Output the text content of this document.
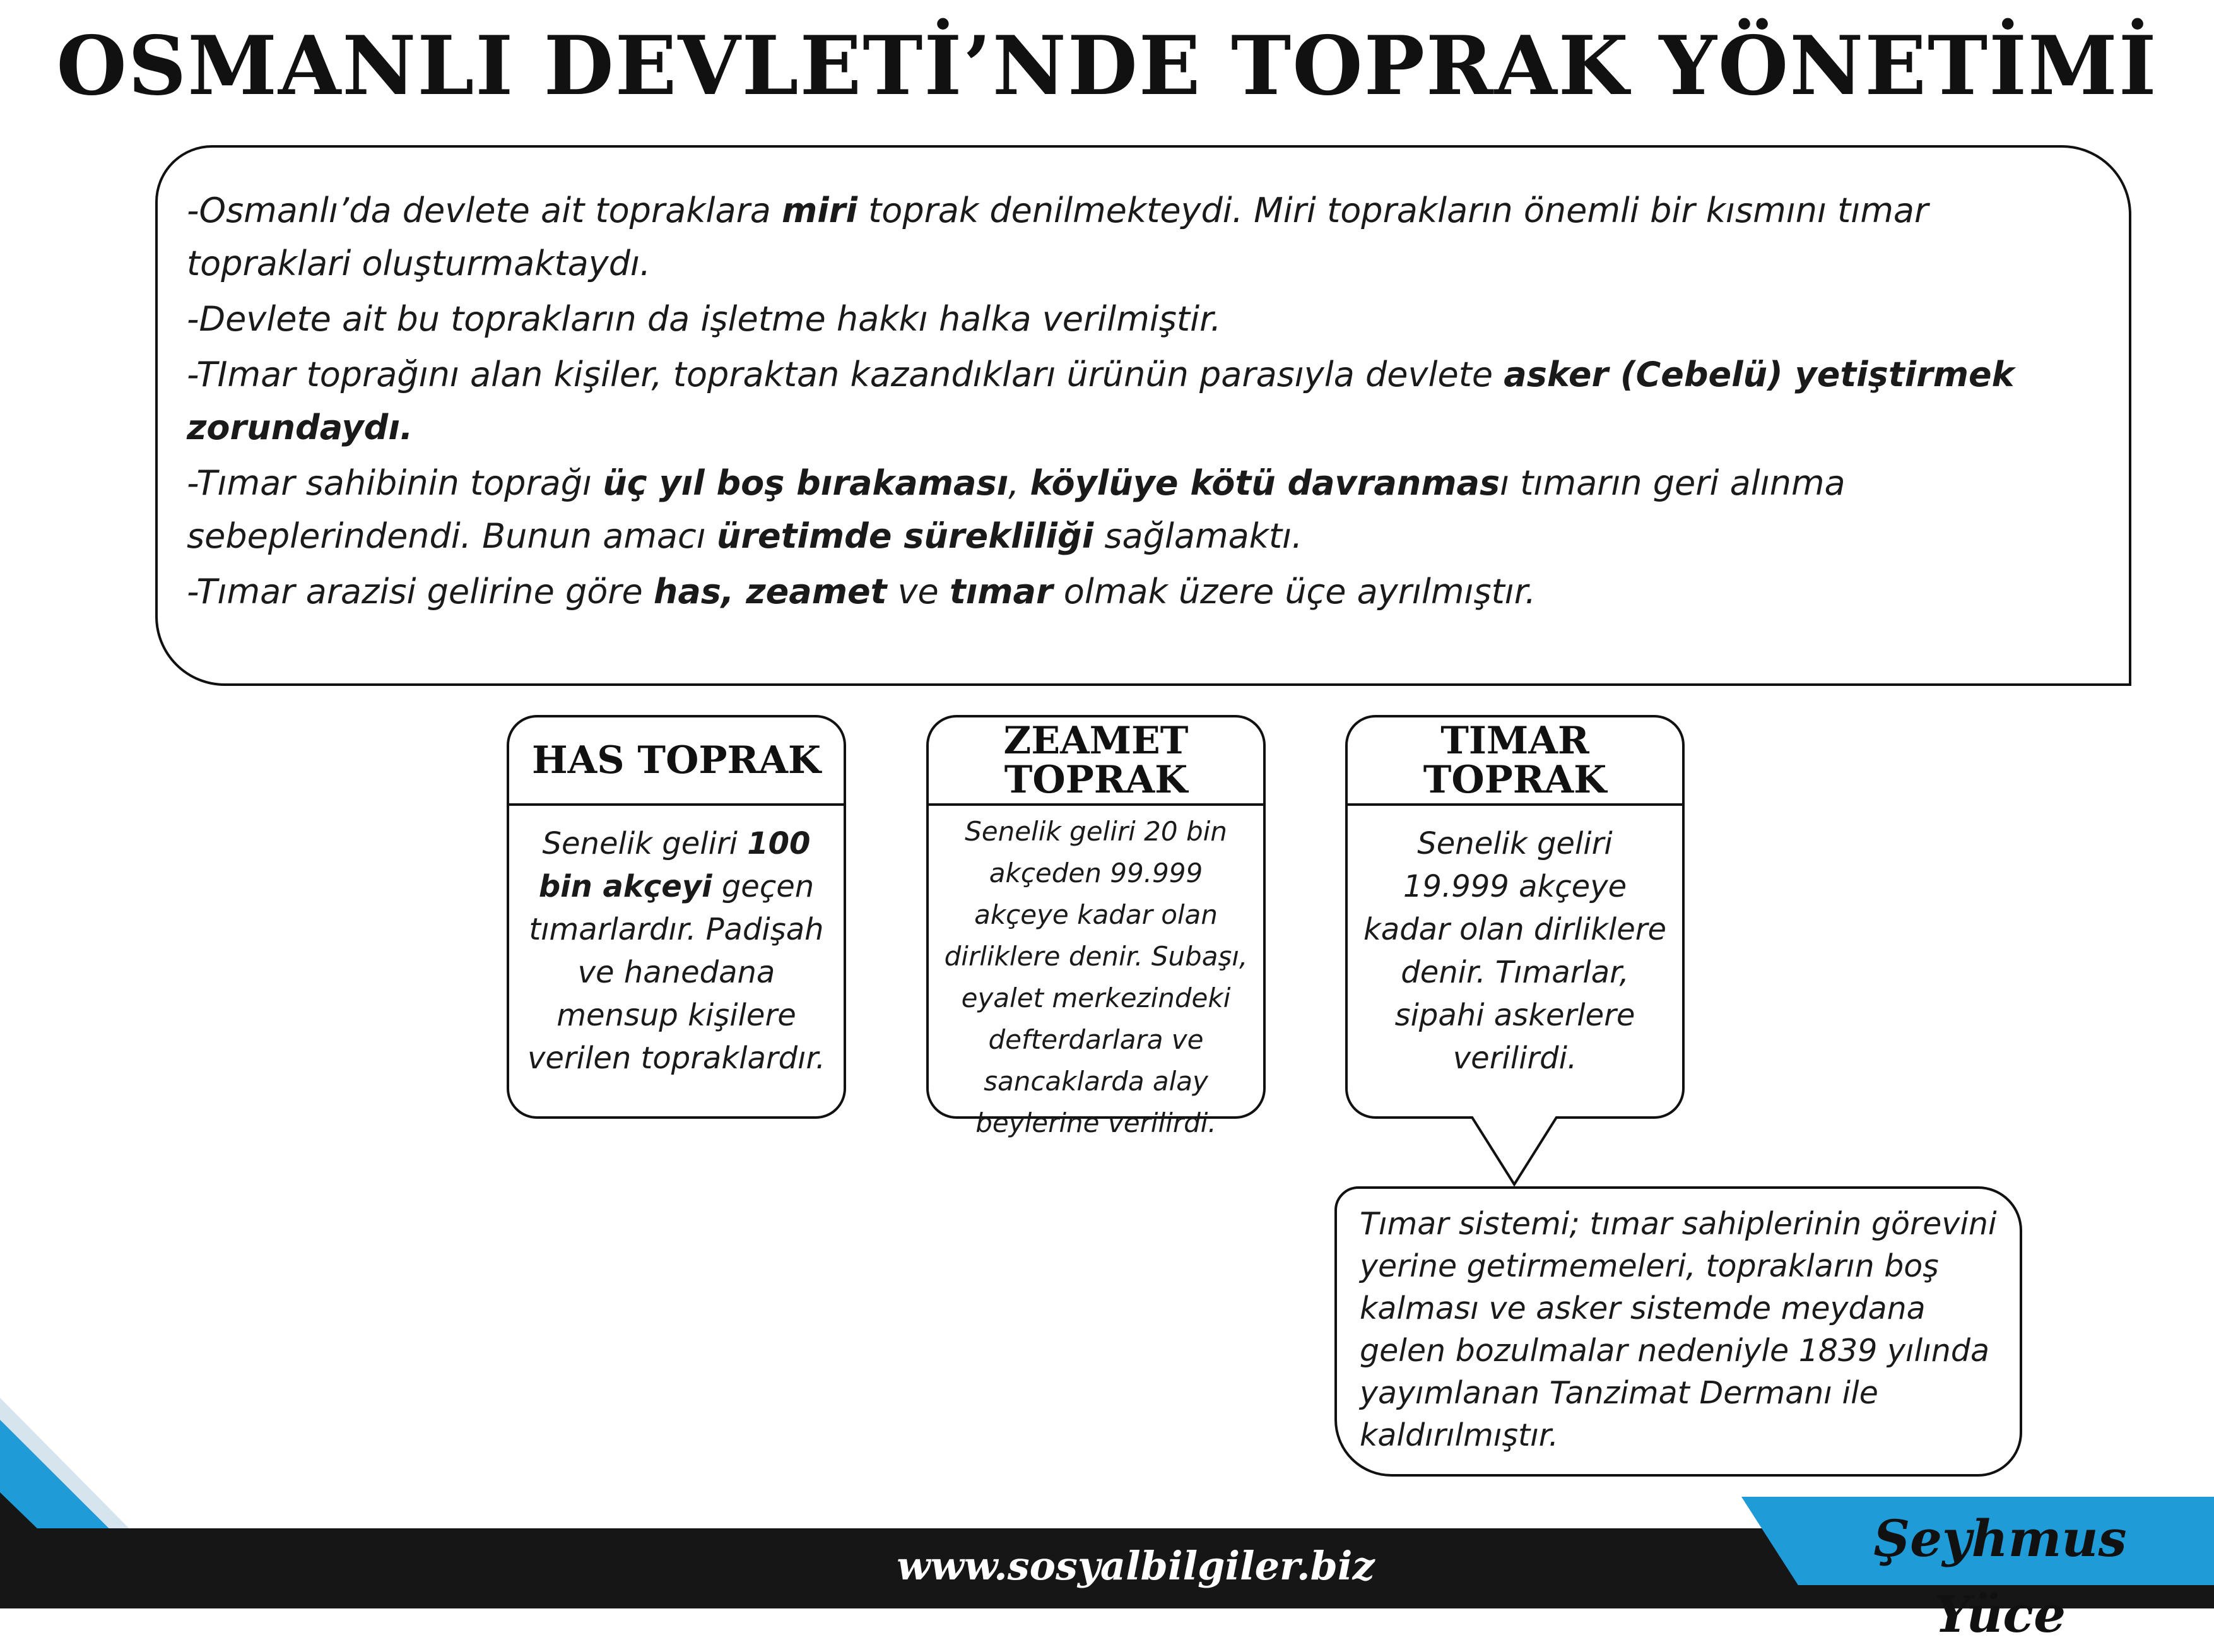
OSMANLI DEVLETİ’NDE TOPRAK YÖNETİMİ

-Osmanlı’da devlete ait topraklara miri toprak denilmekteydi. Miri toprakların önemli bir kısmını tımar topraklari oluşturmaktaydı.

-Devlete ait bu toprakların da işletme hakkı halka verilmiştir.

-TImar toprağını alan kişiler, topraktan kazandıkları ürünün parasıyla devlete asker (Cebelü) yetiştirmek zorundaydı.

-Tımar sahibinin toprağı üç yıl boş bırakaması, köylüye kötü davranması tımarın geri alınma sebeplerindendi. Bunun amacı üretimde sürekliliği sağlamaktı.

-Tımar arazisi gelirine göre has, zeamet ve tımar olmak üzere üçe ayrılmıştır.

HAS TOPRAK
Senelik geliri 100 bin akçeyi geçen tımarlardır. Padişah ve hanedana mensup kişilere verilen topraklardır.
ZEAMET TOPRAK
Senelik geliri 20 bin akçeden 99.999 akçeye kadar olan dirliklere denir. Subaşı, eyalet merkezindeki defterdarlara ve sancaklarda alay beylerine verilirdi.
TIMAR TOPRAK
Senelik geliri 19.999 akçeye kadar olan dirliklere denir. Tımarlar, sipahi askerlere verilirdi.
Tımar sistemi; tımar sahiplerinin görevini yerine getirmemeleri, toprakların boş kalması ve asker sistemde meydana gelen bozulmalar nedeniyle 1839 yılında yayımlanan Tanzimat Dermanı ile kaldırılmıştır.
www.sosyalbilgiler.biz	Şeyhmus Yüce
